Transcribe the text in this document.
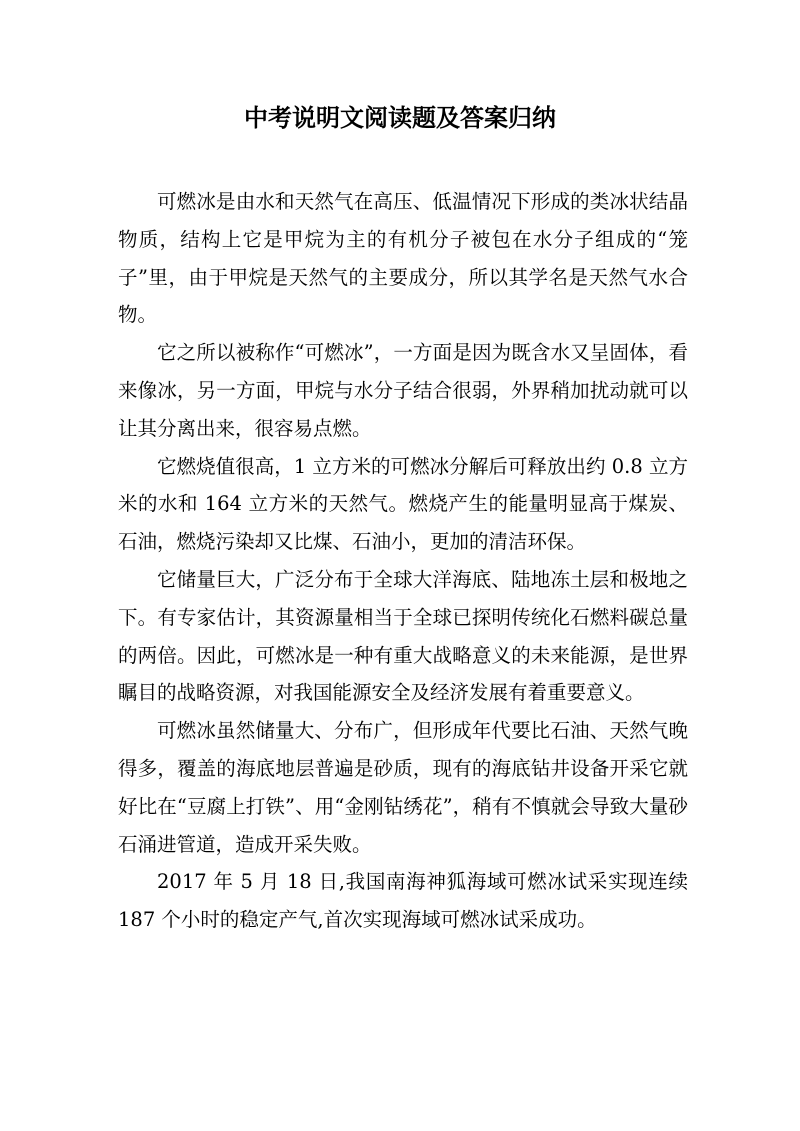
中考说明文阅读题及答案归纳

可燃冰是由水和天然气在高压、低温情况下形成的类冰状结晶物质，结构上它是甲烷为主的有机分子被包在水分子组成的“笼子”里，由于甲烷是天然气的主要成分，所以其学名是天然气水合物。

它之所以被称作“可燃冰”，一方面是因为既含水又呈固体，看来像冰，另一方面，甲烷与水分子结合很弱，外界稍加扰动就可以让其分离出来，很容易点燃。

它燃烧值很高，1 立方米的可燃冰分解后可释放出约 0.8 立方米的水和 164 立方米的天然气。燃烧产生的能量明显高于煤炭、石油，燃烧污染却又比煤、石油小，更加的清洁环保。

它储量巨大，广泛分布于全球大洋海底、陆地冻土层和极地之下。有专家估计，其资源量相当于全球已探明传统化石燃料碳总量的两倍。因此，可燃冰是一种有重大战略意义的未来能源，是世界瞩目的战略资源，对我国能源安全及经济发展有着重要意义。

可燃冰虽然储量大、分布广，但形成年代要比石油、天然气晚得多，覆盖的海底地层普遍是砂质，现有的海底钻井设备开采它就好比在“豆腐上打铁”、用“金刚钻绣花”，稍有不慎就会导致大量砂石涌进管道，造成开采失败。

2017 年 5 月 18 日,我国南海神狐海域可燃冰试采实现连续 187 个小时的稳定产气,首次实现海域可燃冰试采成功。
